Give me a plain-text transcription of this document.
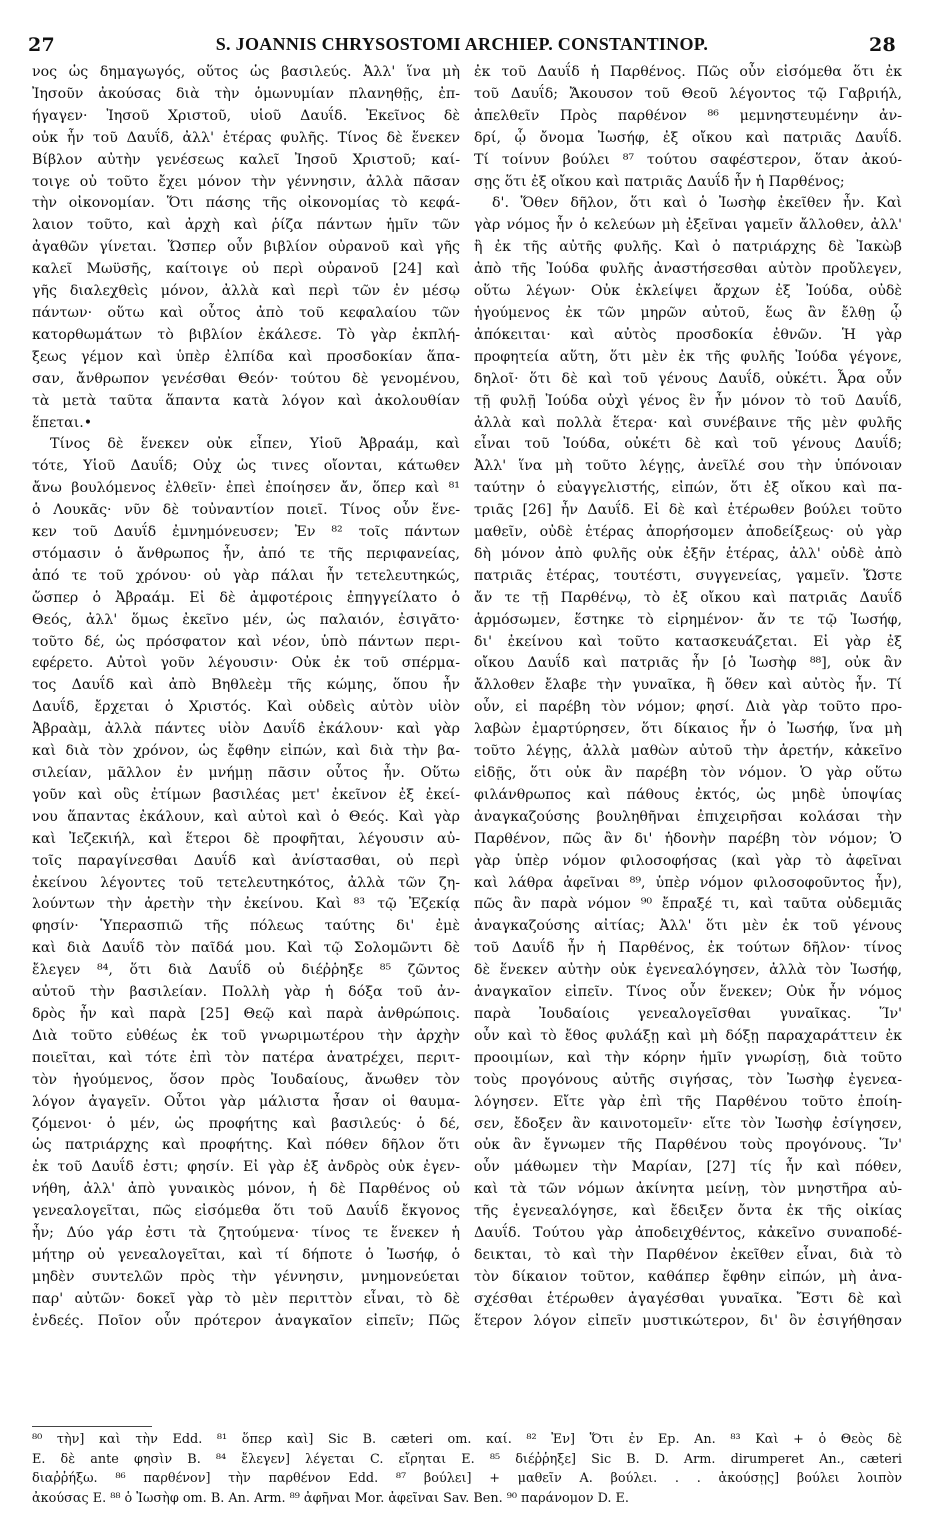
27	S. JOANNIS CHRYSOSTOMI ARCHIEP. CONSTANTINOP.	28
νος ὡς δημαγωγός, οὕτος ὡς βασιλεύς. Ἀλλ' ἵνα μὴ
Ἰησοῦν ἀκούσας διὰ τὴν ὁμωνυμίαν πλανηθῇς, ἐπ-
ήγαγεν· Ἰησοῦ Χριστοῦ, υἱοῦ Δαυΐδ. Ἐκεῖνος δὲ
οὐκ ἦν τοῦ Δαυΐδ, ἀλλ' ἑτέρας φυλῆς. Τίνος δὲ ἕνεκεν
Βίβλον αὐτὴν γενέσεως καλεῖ Ἰησοῦ Χριστοῦ; καί-
τοιγε οὐ τοῦτο ἔχει μόνον τὴν γέννησιν, ἀλλὰ πᾶσαν
τὴν οἰκονομίαν. Ὅτι πάσης τῆς οἰκονομίας τὸ κεφά-
λαιον τοῦτο, καὶ ἀρχὴ καὶ ῥίζα πάντων ἡμῖν τῶν
ἀγαθῶν γίνεται. Ὥσπερ οὖν βιβλίον οὐρανοῦ καὶ γῆς
καλεῖ Μωϋσῆς, καίτοιγε οὐ περὶ οὐρανοῦ [24] καὶ
γῆς διαλεχθεὶς μόνον, ἀλλὰ καὶ περὶ τῶν ἐν μέσῳ
πάντων· οὕτω καὶ οὗτος ἀπὸ τοῦ κεφαλαίου τῶν
κατορθωμάτων τὸ βιβλίον ἐκάλεσε. Τὸ γὰρ ἐκπλή-
ξεως γέμον καὶ ὑπὲρ ἐλπίδα καὶ προσδοκίαν ἅπα-
σαν, ἄνθρωπον γενέσθαι Θεόν· τούτου δὲ γενομένου,
τὰ μετὰ ταῦτα ἅπαντα κατὰ λόγον καὶ ἀκολουθίαν
ἕπεται.•
Τίνος δὲ ἕνεκεν οὐκ εἶπεν, Υἱοῦ Ἀβραάμ, καὶ
τότε, Υἱοῦ Δαυΐδ; Οὐχ ὡς τινες οἴονται, κάτωθεν
ἄνω βουλόμενος ἐλθεῖν· ἐπεὶ ἐποίησεν ἄν, ὅπερ καὶ ⁸¹
ὁ Λουκᾶς· νῦν δὲ τοὐναντίον ποιεῖ. Τίνος οὖν ἕνε-
κεν τοῦ Δαυΐδ ἐμνημόνευσεν; Ἐν ⁸² τοῖς πάντων
στόμασιν ὁ ἄνθρωπος ἦν, ἀπό τε τῆς περιφανείας,
ἀπό τε τοῦ χρόνου· οὐ γὰρ πάλαι ἦν τετελευτηκώς,
ὥσπερ ὁ Ἀβραάμ. Εἰ δὲ ἀμφοτέροις ἐπηγγείλατο ὁ
Θεός, ἀλλ' ὅμως ἐκεῖνο μέν, ὡς παλαιόν, ἐσιγᾶτο·
τοῦτο δέ, ὡς πρόσφατον καὶ νέον, ὑπὸ πάντων περι-
εφέρετο. Αὐτοὶ γοῦν λέγουσιν· Οὐκ ἐκ τοῦ σπέρμα-
τος Δαυΐδ καὶ ἀπὸ Βηθλεὲμ τῆς κώμης, ὅπου ἦν
Δαυΐδ, ἔρχεται ὁ Χριστός. Καὶ οὐδεὶς αὐτὸν υἱὸν
Ἀβραὰμ, ἀλλὰ πάντες υἱὸν Δαυΐδ ἐκάλουν· καὶ γὰρ
καὶ διὰ τὸν χρόνον, ὡς ἔφθην εἰπών, καὶ διὰ τὴν βα-
σιλείαν, μᾶλλον ἐν μνήμῃ πᾶσιν οὗτος ἦν. Οὕτω
γοῦν καὶ οὓς ἐτίμων βασιλέας μετ' ἐκεῖνον ἐξ ἐκεί-
νου ἅπαντας ἐκάλουν, καὶ αὐτοὶ καὶ ὁ Θεός. Καὶ γὰρ
καὶ Ἰεζεκιήλ, καὶ ἕτεροι δὲ προφῆται, λέγουσιν αὐ-
τοῖς παραγίνεσθαι Δαυΐδ καὶ ἀνίστασθαι, οὐ περὶ
ἐκείνου λέγοντες τοῦ τετελευτηκότος, ἀλλὰ τῶν ζη-
λούντων τὴν ἀρετὴν τὴν ἐκείνου. Καὶ ⁸³ τῷ Ἐζεκίᾳ
φησίν· Ὑπερασπιῶ τῆς πόλεως ταύτης δι' ἐμὲ
καὶ διὰ Δαυΐδ τὸν παῖδά μου. Καὶ τῷ Σολομῶντι δὲ
ἔλεγεν ⁸⁴, ὅτι διὰ Δαυΐδ οὐ διέῤῥηξε ⁸⁵ ζῶντος
αὐτοῦ τὴν βασιλείαν. Πολλὴ γὰρ ἡ δόξα τοῦ ἀν-
δρὸς ἦν καὶ παρὰ [25] Θεῷ καὶ παρὰ ἀνθρώποις.
Διὰ τοῦτο εὐθέως ἐκ τοῦ γνωριμωτέρου τὴν ἀρχὴν
ποιεῖται, καὶ τότε ἐπὶ τὸν πατέρα ἀνατρέχει, περιτ-
τὸν ἡγούμενος, ὅσον πρὸς Ἰουδαίους, ἄνωθεν τὸν
λόγον ἀγαγεῖν. Οὗτοι γὰρ μάλιστα ἦσαν οἱ θαυμα-
ζόμενοι· ὁ μέν, ὡς προφήτης καὶ βασιλεύς· ὁ δέ,
ὡς πατριάρχης καὶ προφήτης. Καὶ πόθεν δῆλον ὅτι
ἐκ τοῦ Δαυΐδ ἐστι; φησίν. Εἰ γὰρ ἐξ ἀνδρὸς οὐκ ἐγεν-
νήθη, ἀλλ' ἀπὸ γυναικὸς μόνον, ἡ δὲ Παρθένος οὐ
γενεαλογεῖται, πῶς εἰσόμεθα ὅτι τοῦ Δαυΐδ ἔκγονος
ἦν; Δύο γάρ ἐστι τὰ ζητούμενα· τίνος τε ἕνεκεν ἡ
μήτηρ οὐ γενεαλογεῖται, καὶ τί δήποτε ὁ Ἰωσήφ, ὁ
μηδὲν συντελῶν πρὸς τὴν γέννησιν, μνημονεύεται
παρ' αὐτῶν· δοκεῖ γὰρ τὸ μὲν περιττὸν εἶναι, τὸ δὲ
ἐνδεές. Ποῖον οὖν πρότερον ἀναγκαῖον εἰπεῖν; Πῶς
ἐκ τοῦ Δαυΐδ ἡ Παρθένος. Πῶς οὖν εἰσόμεθα ὅτι ἐκ
τοῦ Δαυΐδ; Ἄκουσον τοῦ Θεοῦ λέγοντος τῷ Γαβριήλ,
ἀπελθεῖν Πρὸς παρθένον ⁸⁶ μεμνηστευμένην ἀν-
δρί, ᾧ ὄνομα Ἰωσήφ, ἐξ οἴκου καὶ πατριᾶς Δαυΐδ.
Τί τοίνυν βούλει ⁸⁷ τούτου σαφέστερον, ὅταν ἀκού-
σῃς ὅτι ἐξ οἴκου καὶ πατριᾶς Δαυΐδ ἦν ἡ Παρθένος;
δ'. Ὅθεν δῆλον, ὅτι καὶ ὁ Ἰωσὴφ ἐκεῖθεν ἦν. Καὶ
γὰρ νόμος ἦν ὁ κελεύων μὴ ἐξεῖναι γαμεῖν ἄλλοθεν, ἀλλ'
ἢ ἐκ τῆς αὐτῆς φυλῆς. Καὶ ὁ πατριάρχης δὲ Ἰακὼβ
ἀπὸ τῆς Ἰούδα φυλῆς ἀναστήσεσθαι αὐτὸν προὔλεγεν,
οὕτω λέγων· Οὐκ ἐκλείψει ἄρχων ἐξ Ἰούδα, οὐδὲ
ἡγούμενος ἐκ τῶν μηρῶν αὐτοῦ, ἕως ἂν ἔλθῃ ᾧ
ἀπόκειται· καὶ αὐτὸς προσδοκία ἐθνῶν. Ἡ γὰρ
προφητεία αὕτη, ὅτι μὲν ἐκ τῆς φυλῆς Ἰούδα γέγονε,
δηλοῖ· ὅτι δὲ καὶ τοῦ γένους Δαυΐδ, οὐκέτι. Ἆρα οὖν
τῇ φυλῇ Ἰούδα οὐχὶ γένος ἓν ἦν μόνον τὸ τοῦ Δαυΐδ,
ἀλλὰ καὶ πολλὰ ἕτερα· καὶ συνέβαινε τῆς μὲν φυλῆς
εἶναι τοῦ Ἰούδα, οὐκέτι δὲ καὶ τοῦ γένους Δαυΐδ;
Ἀλλ' ἵνα μὴ τοῦτο λέγῃς, ἀνεῖλέ σου τὴν ὑπόνοιαν
ταύτην ὁ εὐαγγελιστής, εἰπών, ὅτι ἐξ οἴκου καὶ πα-
τριᾶς [26] ἦν Δαυΐδ. Εἰ δὲ καὶ ἑτέρωθεν βούλει τοῦτο
μαθεῖν, οὐδὲ ἑτέρας ἀπορήσομεν ἀποδείξεως· οὐ γὰρ
δὴ μόνον ἀπὸ φυλῆς οὐκ ἐξῆν ἑτέρας, ἀλλ' οὐδὲ ἀπὸ
πατριᾶς ἑτέρας, τουτέστι, συγγενείας, γαμεῖν. Ὥστε
ἄν τε τῇ Παρθένῳ, τὸ ἐξ οἴκου καὶ πατριᾶς Δαυΐδ
ἁρμόσωμεν, ἕστηκε τὸ εἰρημένον· ἄν τε τῷ Ἰωσήφ,
δι' ἐκείνου καὶ τοῦτο κατασκευάζεται. Εἰ γὰρ ἐξ
οἴκου Δαυΐδ καὶ πατριᾶς ἦν [ὁ Ἰωσὴφ ⁸⁸], οὐκ ἂν
ἄλλοθεν ἔλαβε τὴν γυναῖκα, ἢ ὅθεν καὶ αὐτὸς ἦν. Τί
οὖν, εἰ παρέβη τὸν νόμον; φησί. Διὰ γὰρ τοῦτο προ-
λαβὼν ἐμαρτύρησεν, ὅτι δίκαιος ἦν ὁ Ἰωσήφ, ἵνα μὴ
τοῦτο λέγῃς, ἀλλὰ μαθὼν αὐτοῦ τὴν ἀρετήν, κἀκεῖνο
εἰδῇς, ὅτι οὐκ ἂν παρέβη τὸν νόμον. Ὁ γὰρ οὕτω
φιλάνθρωπος καὶ πάθους ἐκτός, ὡς μηδὲ ὑποψίας
ἀναγκαζούσης βουληθῆναι ἐπιχειρῆσαι κολάσαι τὴν
Παρθένον, πῶς ἂν δι' ἡδονὴν παρέβη τὸν νόμον; Ὁ
γὰρ ὑπὲρ νόμον φιλοσοφήσας (καὶ γὰρ τὸ ἀφεῖναι
καὶ λάθρα ἀφεῖναι ⁸⁹, ὑπὲρ νόμον φιλοσοφοῦντος ἦν),
πῶς ἂν παρὰ νόμον ⁹⁰ ἔπραξέ τι, καὶ ταῦτα οὐδεμιᾶς
ἀναγκαζούσης αἰτίας; Ἀλλ' ὅτι μὲν ἐκ τοῦ γένους
τοῦ Δαυΐδ ἦν ἡ Παρθένος, ἐκ τούτων δῆλον· τίνος
δὲ ἕνεκεν αὐτὴν οὐκ ἐγενεαλόγησεν, ἀλλὰ τὸν Ἰωσήφ,
ἀναγκαῖον εἰπεῖν. Τίνος οὖν ἕνεκεν; Οὐκ ἦν νόμος
παρὰ Ἰουδαίοις γενεαλογεῖσθαι γυναῖκας. Ἵν'
οὖν καὶ τὸ ἔθος φυλάξῃ καὶ μὴ δόξῃ παραχαράττειν ἐκ
προοιμίων, καὶ τὴν κόρην ἡμῖν γνωρίσῃ, διὰ τοῦτο
τοὺς προγόνους αὐτῆς σιγήσας, τὸν Ἰωσὴφ ἐγενεα-
λόγησεν. Εἴτε γὰρ ἐπὶ τῆς Παρθένου τοῦτο ἐποίη-
σεν, ἔδοξεν ἂν καινοτομεῖν· εἴτε τὸν Ἰωσὴφ ἐσίγησεν,
οὐκ ἂν ἔγνωμεν τῆς Παρθένου τοὺς προγόνους. Ἵν'
οὖν μάθωμεν τὴν Μαρίαν, [27] τίς ἦν καὶ πόθεν,
καὶ τὰ τῶν νόμων ἀκίνητα μείνῃ, τὸν μνηστῆρα αὐ-
τῆς ἐγενεαλόγησε, καὶ ἔδειξεν ὄντα ἐκ τῆς οἰκίας
Δαυΐδ. Τούτου γὰρ ἀποδειχθέντος, κἀκεῖνο συναποδέ-
δεικται, τὸ καὶ τὴν Παρθένον ἐκεῖθεν εἶναι, διὰ τὸ
τὸν δίκαιον τοῦτον, καθάπερ ἔφθην εἰπών, μὴ ἀνα-
σχέσθαι ἑτέρωθεν ἀγαγέσθαι γυναῖκα. Ἔστι δὲ καὶ
ἕτερον λόγον εἰπεῖν μυστικώτερον, δι' ὃν ἐσιγήθησαν
⁸⁰ τὴν] καὶ τὴν Edd. ⁸¹ ὅπερ καὶ] Sic B. cæteri om. καί. ⁸² Ἐν] Ὅτι ἐν Ep. An. ⁸³ Καὶ + ὁ Θεὸς δὲ
E. δὲ ante φησὶν B. ⁸⁴ ἔλεγεν] λέγεται C. εἴρηται E. ⁸⁵ διέῤῥηξε] Sic B. D. Arm. dirumperet An., cæteri
διαῤῥήξω. ⁸⁶ παρθένον] τὴν παρθένον Edd. ⁸⁷ βούλει] + μαθεῖν A. βούλει. . . ἀκούσῃς] βούλει λοιπὸν
ἀκούσας E. ⁸⁸ ὁ Ἰωσὴφ om. B. An. Arm. ⁸⁹ ἀφῆναι Mor. ἀφεῖναι Sav. Ben. ⁹⁰ παράνομον D. E.
